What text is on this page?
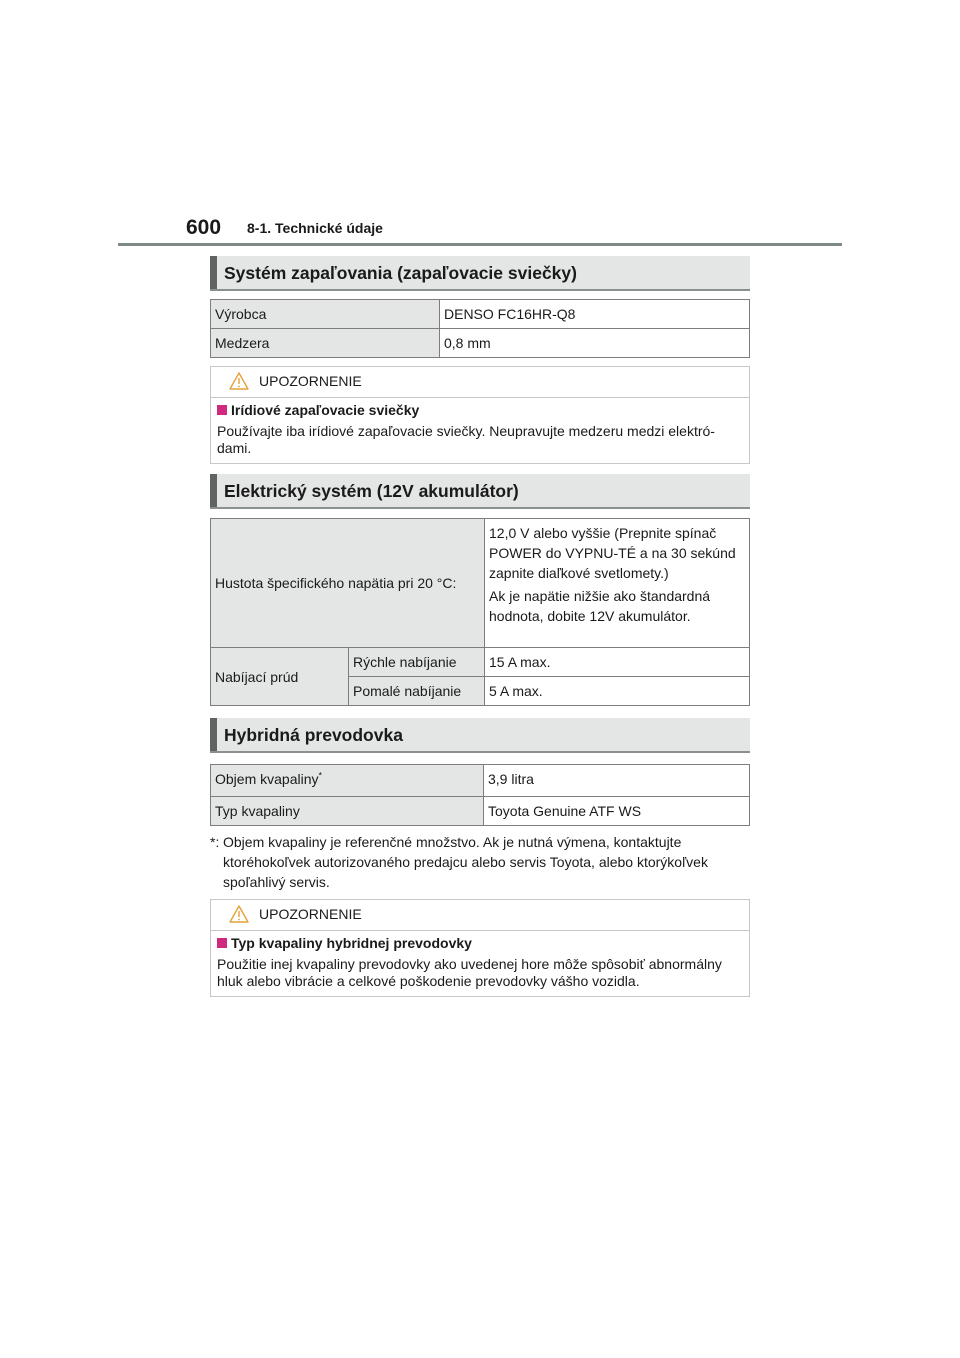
600 8-1. Technické údaje
Systém zapaľovania (zapaľovacie sviečky)
Výrobca	DENSO FC16HR-Q8
Medzera	0,8 mm
UPOZORNENIE
Irídiové zapaľovacie sviečky
Používajte iba irídiové zapaľovacie sviečky. Neupravujte medzeru medzi elektró-dami.
Elektrický systém (12V akumulátor)
Hustota špecifického napätia pri 20 °C:		12,0 V alebo vyššie (Prepnite spínač POWER do VYPNU-TÉ a na 30 sekúnd zapnite diaľkové svetlomety.)
Ak je napätie nižšie ako štandardná hodnota, dobite 12V akumulátor.

Nabíjací prúd	Rýchle nabíjanie	15 A max.
	Pomalé nabíjanie	5 A max.
Hybridná prevodovka
Objem kvapaliny*	3,9 litra
Typ kvapaliny	Toyota Genuine ATF WS
*: Objem kvapaliny je referenčné množstvo. Ak je nutná výmena, kontaktujte ktoréhokoľvek autorizovaného predajcu alebo servis Toyota, alebo ktorýkoľvek spoľahlivý servis.
UPOZORNENIE
Typ kvapaliny hybridnej prevodovky
Použitie inej kvapaliny prevodovky ako uvedenej hore môže spôsobiť abnormálny hluk alebo vibrácie a celkové poškodenie prevodovky vášho vozidla.
